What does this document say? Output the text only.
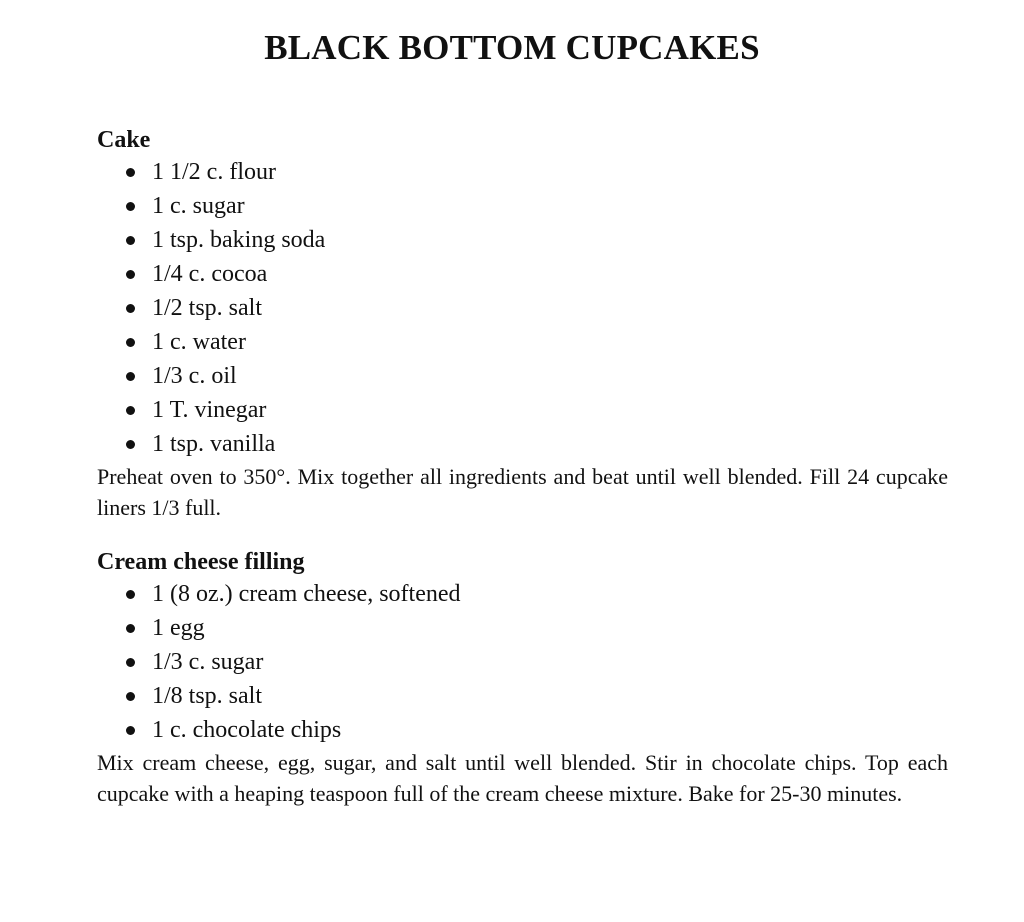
BLACK BOTTOM CUPCAKES
Cake
1 1/2 c. flour
1 c. sugar
1 tsp. baking soda
1/4 c. cocoa
1/2 tsp. salt
1 c. water
1/3 c. oil
1 T. vinegar
1 tsp. vanilla

Preheat oven to 350°. Mix together all ingredients and beat until well blended. Fill 24 cupcake liners 1/3 full.

Cream cheese filling
1 (8 oz.) cream cheese, softened
1 egg
1/3 c. sugar
1/8 tsp. salt
1 c. chocolate chips

Mix cream cheese, egg, sugar, and salt until well blended. Stir in chocolate chips. Top each cupcake with a heaping teaspoon full of the cream cheese mixture. Bake for 25-30 minutes.
